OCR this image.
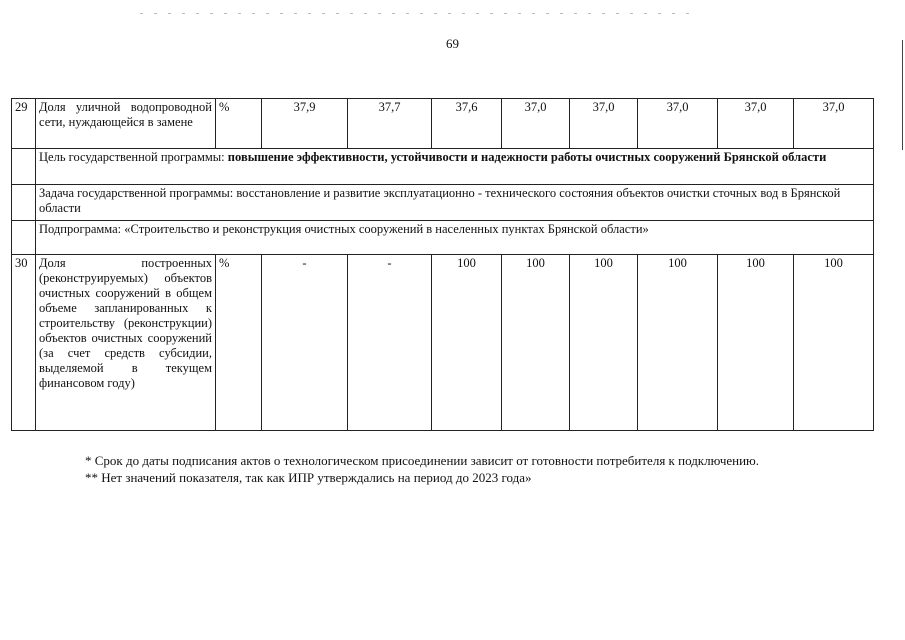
69
29	Доля уличной водопроводной сети, нуждающейся в замене	%	37,9	37,7	37,6	37,0	37,0	37,0	37,0	37,0
	Цель государственной программы: повышение эффективности, устойчивости и надежности работы очистных сооружений Брянской области									
	Задача государственной программы: восстановление и развитие эксплуатационно - технического состояния объектов очистки сточных вод в Брянской области									
	Подпрограмма: «Строительство и реконструкция очистных сооружений в населенных пунктах Брянской области»									
30	Доля построенных (реконструируемых) объектов очистных сооружений в общем объеме запланированных к строительству (реконструкции) объектов очистных сооружений (за счет средств субсидии, выделяемой в текущем финансовом году)	%	-	-	100	100	100	100	100	100

* Срок до даты подписания актов о технологическом присоединении зависит от готовности потребителя к подключению.

** Нет значений показателя, так как ИПР утверждались на период до 2023 года»
